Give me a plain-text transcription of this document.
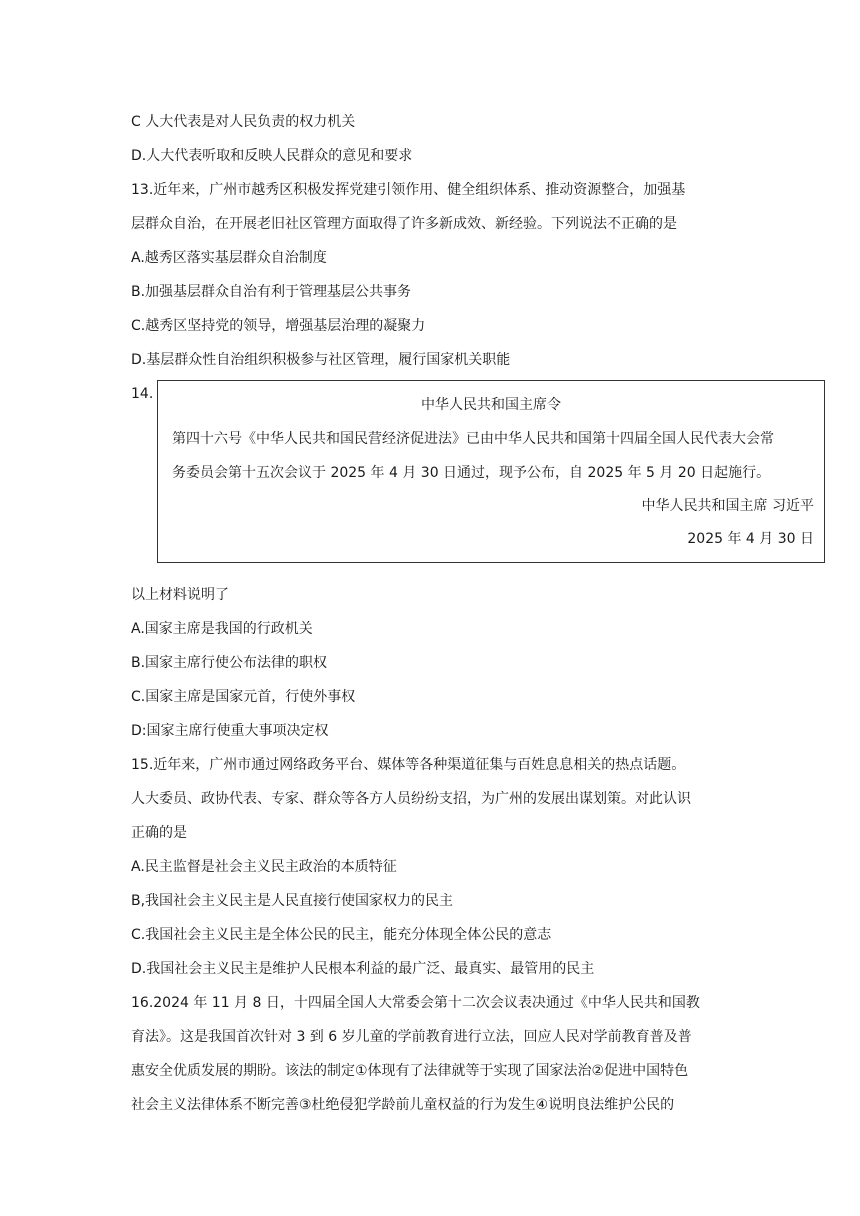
C 人大代表是对人民负责的权力机关
D.人大代表听取和反映人民群众的意见和要求
13.近年来，广州市越秀区积极发挥党建引领作用、健全组织体系、推动资源整合，加强基
层群众自治，在开展老旧社区管理方面取得了许多新成效、新经验。下列说法不正确的是
A.越秀区落实基层群众自治制度
B.加强基层群众自治有利于管理基层公共事务
C.越秀区坚持党的领导，增强基层治理的凝聚力
D.基层群众性自治组织积极参与社区管理，履行国家机关职能
14.
中华人民共和国主席令
第四十六号《中华人民共和国民营经济促进法》已由中华人民共和国第十四届全国人民代表大会常
务委员会第十五次会议于 2025 年 4 月 30 日通过，现予公布，自 2025 年 5 月 20 日起施行。
中华人民共和国主席 习近平
2025 年 4 月 30 日
以上材料说明了
A.国家主席是我国的行政机关
B.国家主席行使公布法律的职权
C.国家主席是国家元首，行使外事权
D:国家主席行使重大事项决定权
15.近年来，广州市通过网络政务平台、媒体等各种渠道征集与百姓息息相关的热点话题。
人大委员、政协代表、专家、群众等各方人员纷纷支招，为广州的发展出谋划策。对此认识
正确的是
A.民主监督是社会主义民主政治的本质特征
B,我国社会主义民主是人民直接行使国家权力的民主
C.我国社会主义民主是全体公民的民主，能充分体现全体公民的意志
D.我国社会主义民主是维护人民根本利益的最广泛、最真实、最管用的民主
16.2024 年 11 月 8 日，十四届全国人大常委会第十二次会议表决通过《中华人民共和国教
育法》。这是我国首次针对 3 到 6 岁儿童的学前教育进行立法，回应人民对学前教育普及普
惠安全优质发展的期盼。该法的制定①体现有了法律就等于实现了国家法治②促进中国特色
社会主义法律体系不断完善③杜绝侵犯学龄前儿童权益的行为发生④说明良法维护公民的
